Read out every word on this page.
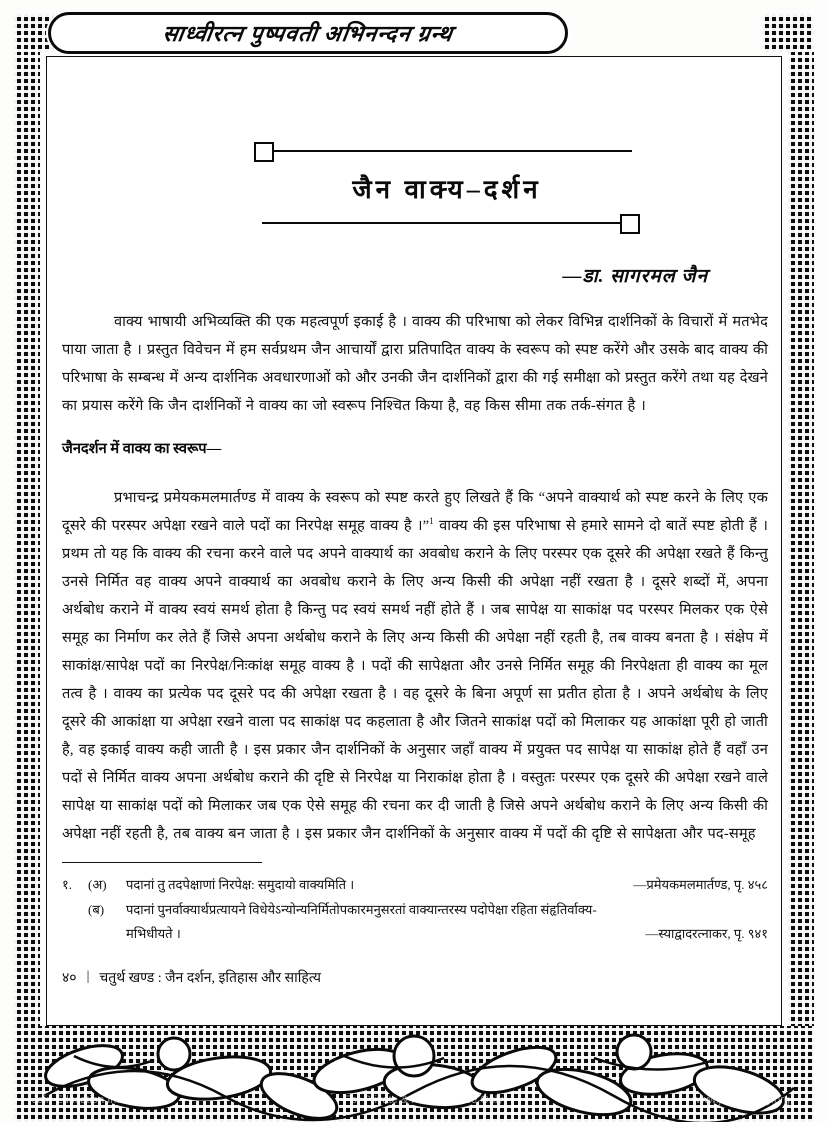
साध्वीरत्न पुष्पवती अभिनन्दन ग्रन्थ
जैन वाक्य–दर्शन
—डा. सागरमल जैन
वाक्य भाषायी अभिव्यक्ति की एक महत्वपूर्ण इकाई है । वाक्य की परिभाषा को लेकर विभिन्न दार्शनिकों के विचारों में मतभेद पाया जाता है । प्रस्तुत विवेचन में हम सर्वप्रथम जैन आचार्यों द्वारा प्रतिपादित वाक्य के स्वरूप को स्पष्ट करेंगे और उसके बाद वाक्य की परिभाषा के सम्बन्ध में अन्य दार्शनिक अवधारणाओं को और उनकी जैन दार्शनिकों द्वारा की गई समीक्षा को प्रस्तुत करेंगे तथा यह देखने का प्रयास करेंगे कि जैन दार्शनिकों ने वाक्य का जो स्वरूप निश्चित किया है, वह किस सीमा तक तर्क-संगत है ।
जैनदर्शन में वाक्य का स्वरूप—
प्रभाचन्द्र प्रमेयकमलमार्तण्ड में वाक्य के स्वरूप को स्पष्ट करते हुए लिखते हैं कि “अपने वाक्यार्थ को स्पष्ट करने के लिए एक दूसरे की परस्पर अपेक्षा रखने वाले पदों का निरपेक्ष समूह वाक्य है ।”$^1$ वाक्य की इस परिभाषा से हमारे सामने दो बातें स्पष्ट होती हैं । प्रथम तो यह कि वाक्य की रचना करने वाले पद अपने वाक्यार्थ का अवबोध कराने के लिए परस्पर एक दूसरे की अपेक्षा रखते हैं किन्तु उनसे निर्मित वह वाक्य अपने वाक्यार्थ का अवबोध कराने के लिए अन्य किसी की अपेक्षा नहीं रखता है । दूसरे शब्दों में, अपना अर्थबोध कराने में वाक्य स्वयं समर्थ होता है किन्तु पद स्वयं समर्थ नहीं होते हैं । जब सापेक्ष या साकांक्ष पद परस्पर मिलकर एक ऐसे समूह का निर्माण कर लेते हैं जिसे अपना अर्थबोध कराने के लिए अन्य किसी की अपेक्षा नहीं रहती है, तब वाक्य बनता है । संक्षेप में साकांक्ष/सापेक्ष पदों का निरपेक्ष/निःकांक्ष समूह वाक्य है । पदों की सापेक्षता और उनसे निर्मित समूह की निरपेक्षता ही वाक्य का मूल तत्व है । वाक्य का प्रत्येक पद दूसरे पद की अपेक्षा रखता है । वह दूसरे के बिना अपूर्ण सा प्रतीत होता है । अपने अर्थबोध के लिए दूसरे की आकांक्षा या अपेक्षा रखने वाला पद साकांक्ष पद कहलाता है और जितने साकांक्ष पदों को मिलाकर यह आकांक्षा पूरी हो जाती है, वह इकाई वाक्य कही जाती है । इस प्रकार जैन दार्शनिकों के अनुसार जहाँ वाक्य में प्रयुक्त पद सापेक्ष या साकांक्ष होते हैं वहाँ उन पदों से निर्मित वाक्य अपना अर्थबोध कराने की दृष्टि से निरपेक्ष या निराकांक्ष होता है । वस्तुतः परस्पर एक दूसरे की अपेक्षा रखने वाले सापेक्ष या साकांक्ष पदों को मिलाकर जब एक ऐसे समूह की रचना कर दी जाती है जिसे अपने अर्थबोध कराने के लिए अन्य किसी की अपेक्षा नहीं रहती है, तब वाक्य बन जाता है । इस प्रकार जैन दार्शनिकों के अनुसार वाक्य में पदों की दृष्टि से सापेक्षता और पद-समूह
१.	(अ)	पदानां तु तदपेक्षाणां निरपेक्ष: समुदायो वाक्यमिति ।	—प्रमेयकमलमार्तण्ड, पृ. ४५८
(ब)	पदानां पुनर्वाक्यार्थप्रत्यायने विधेयेऽन्योन्यनिर्मितोपकारमनुसरतां वाक्यान्तरस्य पदोपेक्षा रहिता संहृतिर्वाक्य-
मभिधीयते ।	—स्याद्वादरत्नाकर, पृ. ९४१
४० | चतुर्थ खण्ड : जैन दर्शन, इतिहास और साहित्य
Jain Education International	For Private & Personal Use Only	www.jainelibrary.org
